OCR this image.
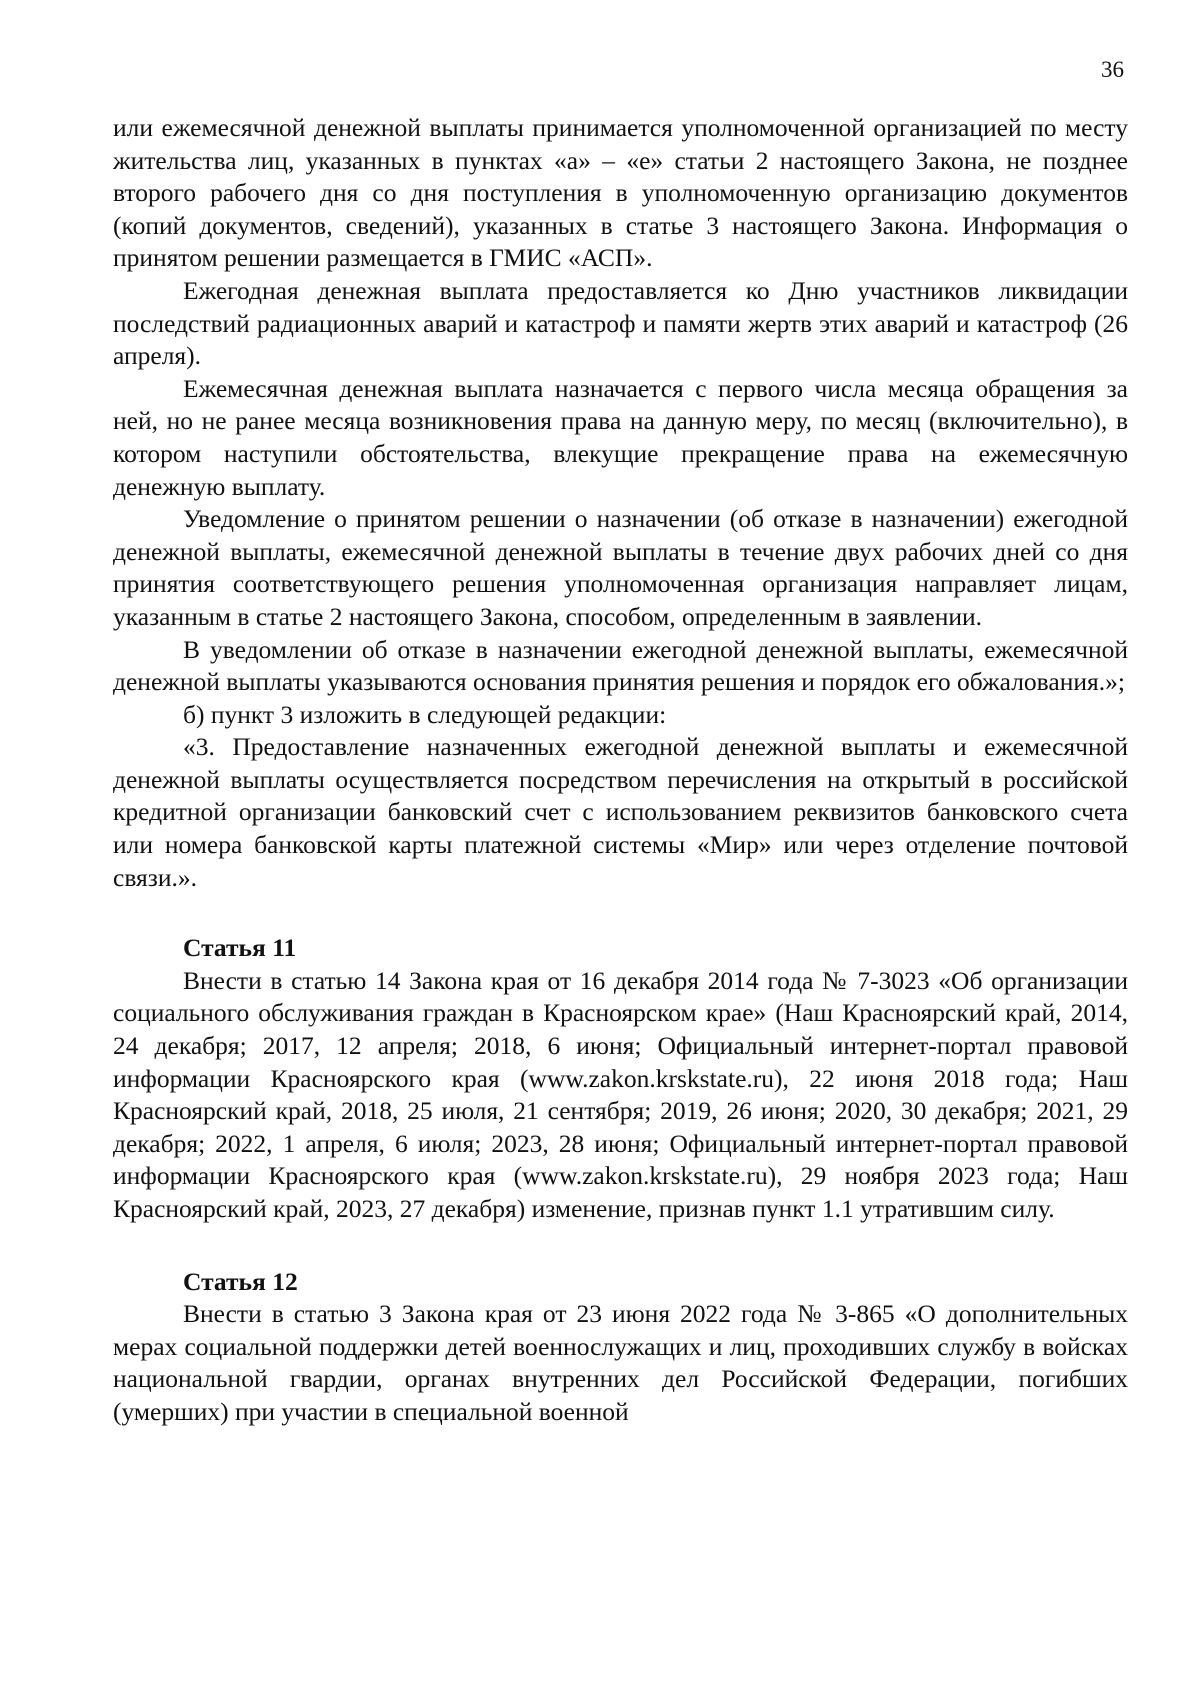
36

или ежемесячной денежной выплаты принимается уполномоченной организацией по месту жительства лиц, указанных в пунктах «а» – «е» статьи 2 настоящего Закона, не позднее второго рабочего дня со дня поступления в уполномоченную организацию документов (копий документов, сведений), указанных в статье 3 настоящего Закона. Информация о принятом решении размещается в ГМИС «АСП».

Ежегодная денежная выплата предоставляется ко Дню участников ликвидации последствий радиационных аварий и катастроф и памяти жертв этих аварий и катастроф (26 апреля).

Ежемесячная денежная выплата назначается с первого числа месяца обращения за ней, но не ранее месяца возникновения права на данную меру, по месяц (включительно), в котором наступили обстоятельства, влекущие прекращение права на ежемесячную денежную выплату.

Уведомление о принятом решении о назначении (об отказе в назначении) ежегодной денежной выплаты, ежемесячной денежной выплаты в течение двух рабочих дней со дня принятия соответствующего решения уполномоченная организация направляет лицам, указанным в статье 2 настоящего Закона, способом, определенным в заявлении.

В уведомлении об отказе в назначении ежегодной денежной выплаты, ежемесячной денежной выплаты указываются основания принятия решения и порядок его обжалования.»;

б) пункт 3 изложить в следующей редакции:

«3. Предоставление назначенных ежегодной денежной выплаты и ежемесячной денежной выплаты осуществляется посредством перечисления на открытый в российской кредитной организации банковский счет с использованием реквизитов банковского счета или номера банковской карты платежной системы «Мир» или через отделение почтовой связи.».

Статья 11

Внести в статью 14 Закона края от 16 декабря 2014 года № 7-3023 «Об организации социального обслуживания граждан в Красноярском крае» (Наш Красноярский край, 2014, 24 декабря; 2017, 12 апреля; 2018, 6 июня; Официальный интернет-портал правовой информации Красноярского края (www.zakon.krskstate.ru), 22 июня 2018 года; Наш Красноярский край, 2018, 25 июля, 21 сентября; 2019, 26 июня; 2020, 30 декабря; 2021, 29 декабря; 2022, 1 апреля, 6 июля; 2023, 28 июня; Официальный интернет-портал правовой информации Красноярского края (www.zakon.krskstate.ru), 29 ноября 2023 года; Наш Красноярский край, 2023, 27 декабря) изменение, признав пункт 1.1 утратившим силу.

Статья 12

Внести в статью 3 Закона края от 23 июня 2022 года № 3-865 «О дополнительных мерах социальной поддержки детей военнослужащих и лиц, проходивших службу в войсках национальной гвардии, органах внутренних дел Российской Федерации, погибших (умерших) при участии в специальной военной
